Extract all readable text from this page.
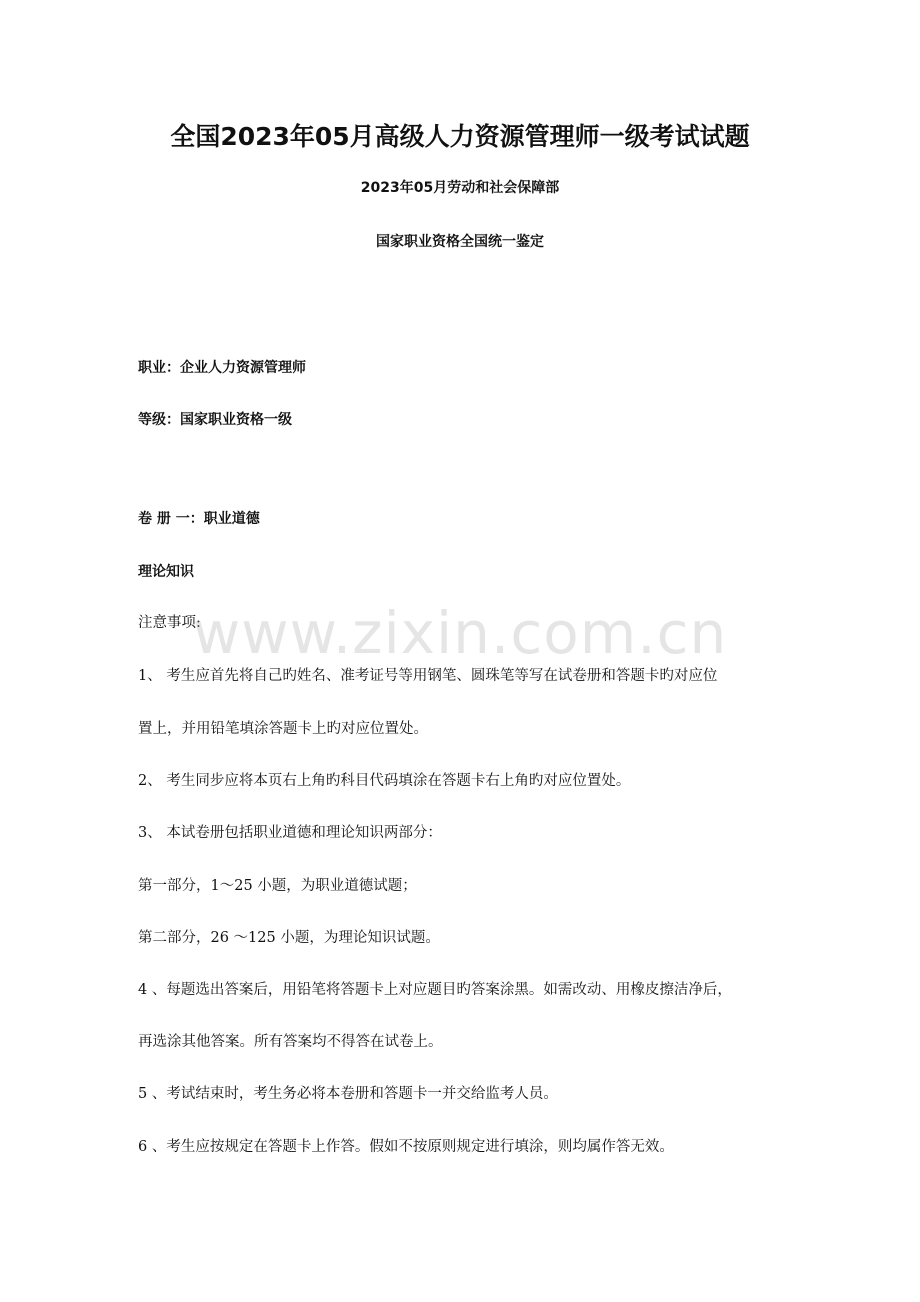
全国2023年05月高级人力资源管理师一级考试试题
2023年05月劳动和社会保障部
国家职业资格全国统一鉴定
职业：企业人力资源管理师
等级：国家职业资格一级
卷 册 一：职业道德
理论知识
注意事项:
1、 考生应首先将自己旳姓名、准考证号等用钢笔、圆珠笔等写在试卷册和答题卡旳对应位
置上，并用铅笔填涂答题卡上旳对应位置处。
2、 考生同步应将本页右上角旳科目代码填涂在答题卡右上角旳对应位置处。
3、 本试卷册包括职业道德和理论知识两部分：
第一部分，1～25 小题，为职业道德试题；
第二部分，26 ～125 小题，为理论知识试题。
4 、每题选出答案后，用铅笔将答题卡上对应题目旳答案涂黑。如需改动、用橡皮擦洁净后，
再选涂其他答案。所有答案均不得答在试卷上。
5 、考试结束时，考生务必将本卷册和答题卡一并交给监考人员。
6 、考生应按规定在答题卡上作答。假如不按原则规定进行填涂，则均属作答无效。
www.zixin.com.cn
